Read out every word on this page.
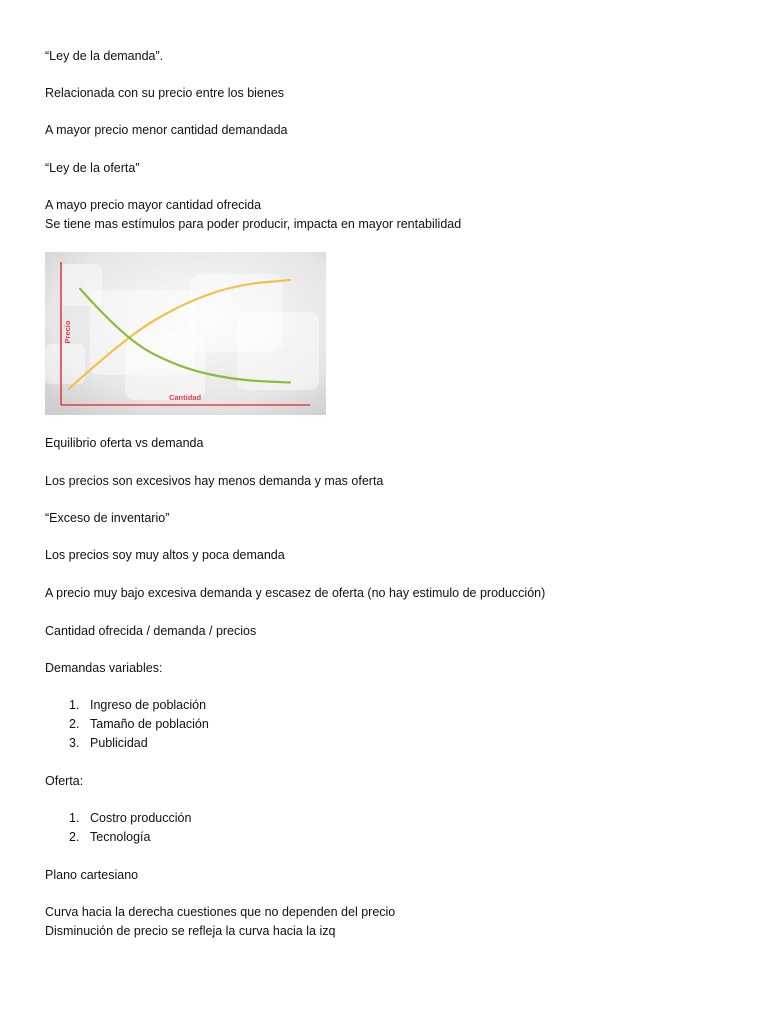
“Ley de la demanda”.
Relacionada con su precio entre los bienes
A mayor precio menor cantidad demandada
“Ley de la oferta”
A mayo precio mayor cantidad ofrecida
Se tiene mas estímulos para poder producir, impacta en mayor rentabilidad
Cantidad
Precio
Equilibrio oferta vs demanda
Los precios son excesivos hay menos demanda y mas oferta
“Exceso de inventario”
Los precios soy muy altos y poca demanda
A precio muy bajo excesiva demanda y escasez de oferta (no hay estimulo de producción)
Cantidad ofrecida / demanda / precios
Demandas variables:
1. Ingreso de población
2. Tamaño de población
3. Publicidad
Oferta:
1. Costro producción
2. Tecnología
Plano cartesiano
Curva hacia la derecha cuestiones que no dependen del precio
Disminución de precio se refleja la curva hacia la izq
